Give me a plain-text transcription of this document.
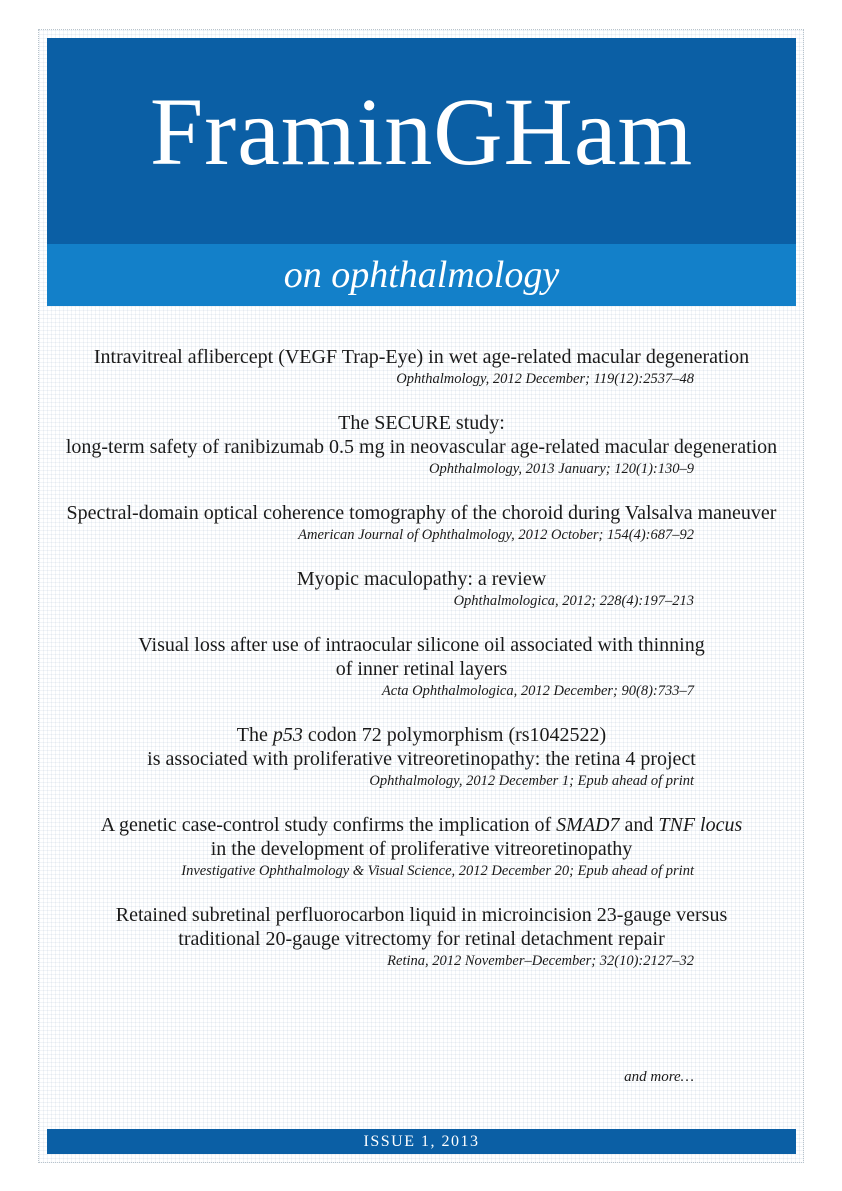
FraminGHam
on ophthalmology
Intravitreal aflibercept (VEGF Trap-Eye) in wet age-related macular degeneration
Ophthalmology, 2012 December; 119(12):2537–48
The SECURE study:
long-term safety of ranibizumab 0.5 mg in neovascular age-related macular degeneration
Ophthalmology, 2013 January; 120(1):130–9
Spectral-domain optical coherence tomography of the choroid during Valsalva maneuver
American Journal of Ophthalmology, 2012 October; 154(4):687–92
Myopic maculopathy: a review
Ophthalmologica, 2012; 228(4):197–213
Visual loss after use of intraocular silicone oil associated with thinning
of inner retinal layers
Acta Ophthalmologica, 2012 December; 90(8):733–7
The p53 codon 72 polymorphism (rs1042522)
is associated with proliferative vitreoretinopathy: the retina 4 project
Ophthalmology, 2012 December 1; Epub ahead of print
A genetic case-control study confirms the implication of SMAD7 and TNF locus
in the development of proliferative vitreoretinopathy
Investigative Ophthalmology & Visual Science, 2012 December 20; Epub ahead of print
Retained subretinal perfluorocarbon liquid in microincision 23-gauge versus
traditional 20-gauge vitrectomy for retinal detachment repair
Retina, 2012 November–December; 32(10):2127–32
and more…
ISSUE 1, 2013
